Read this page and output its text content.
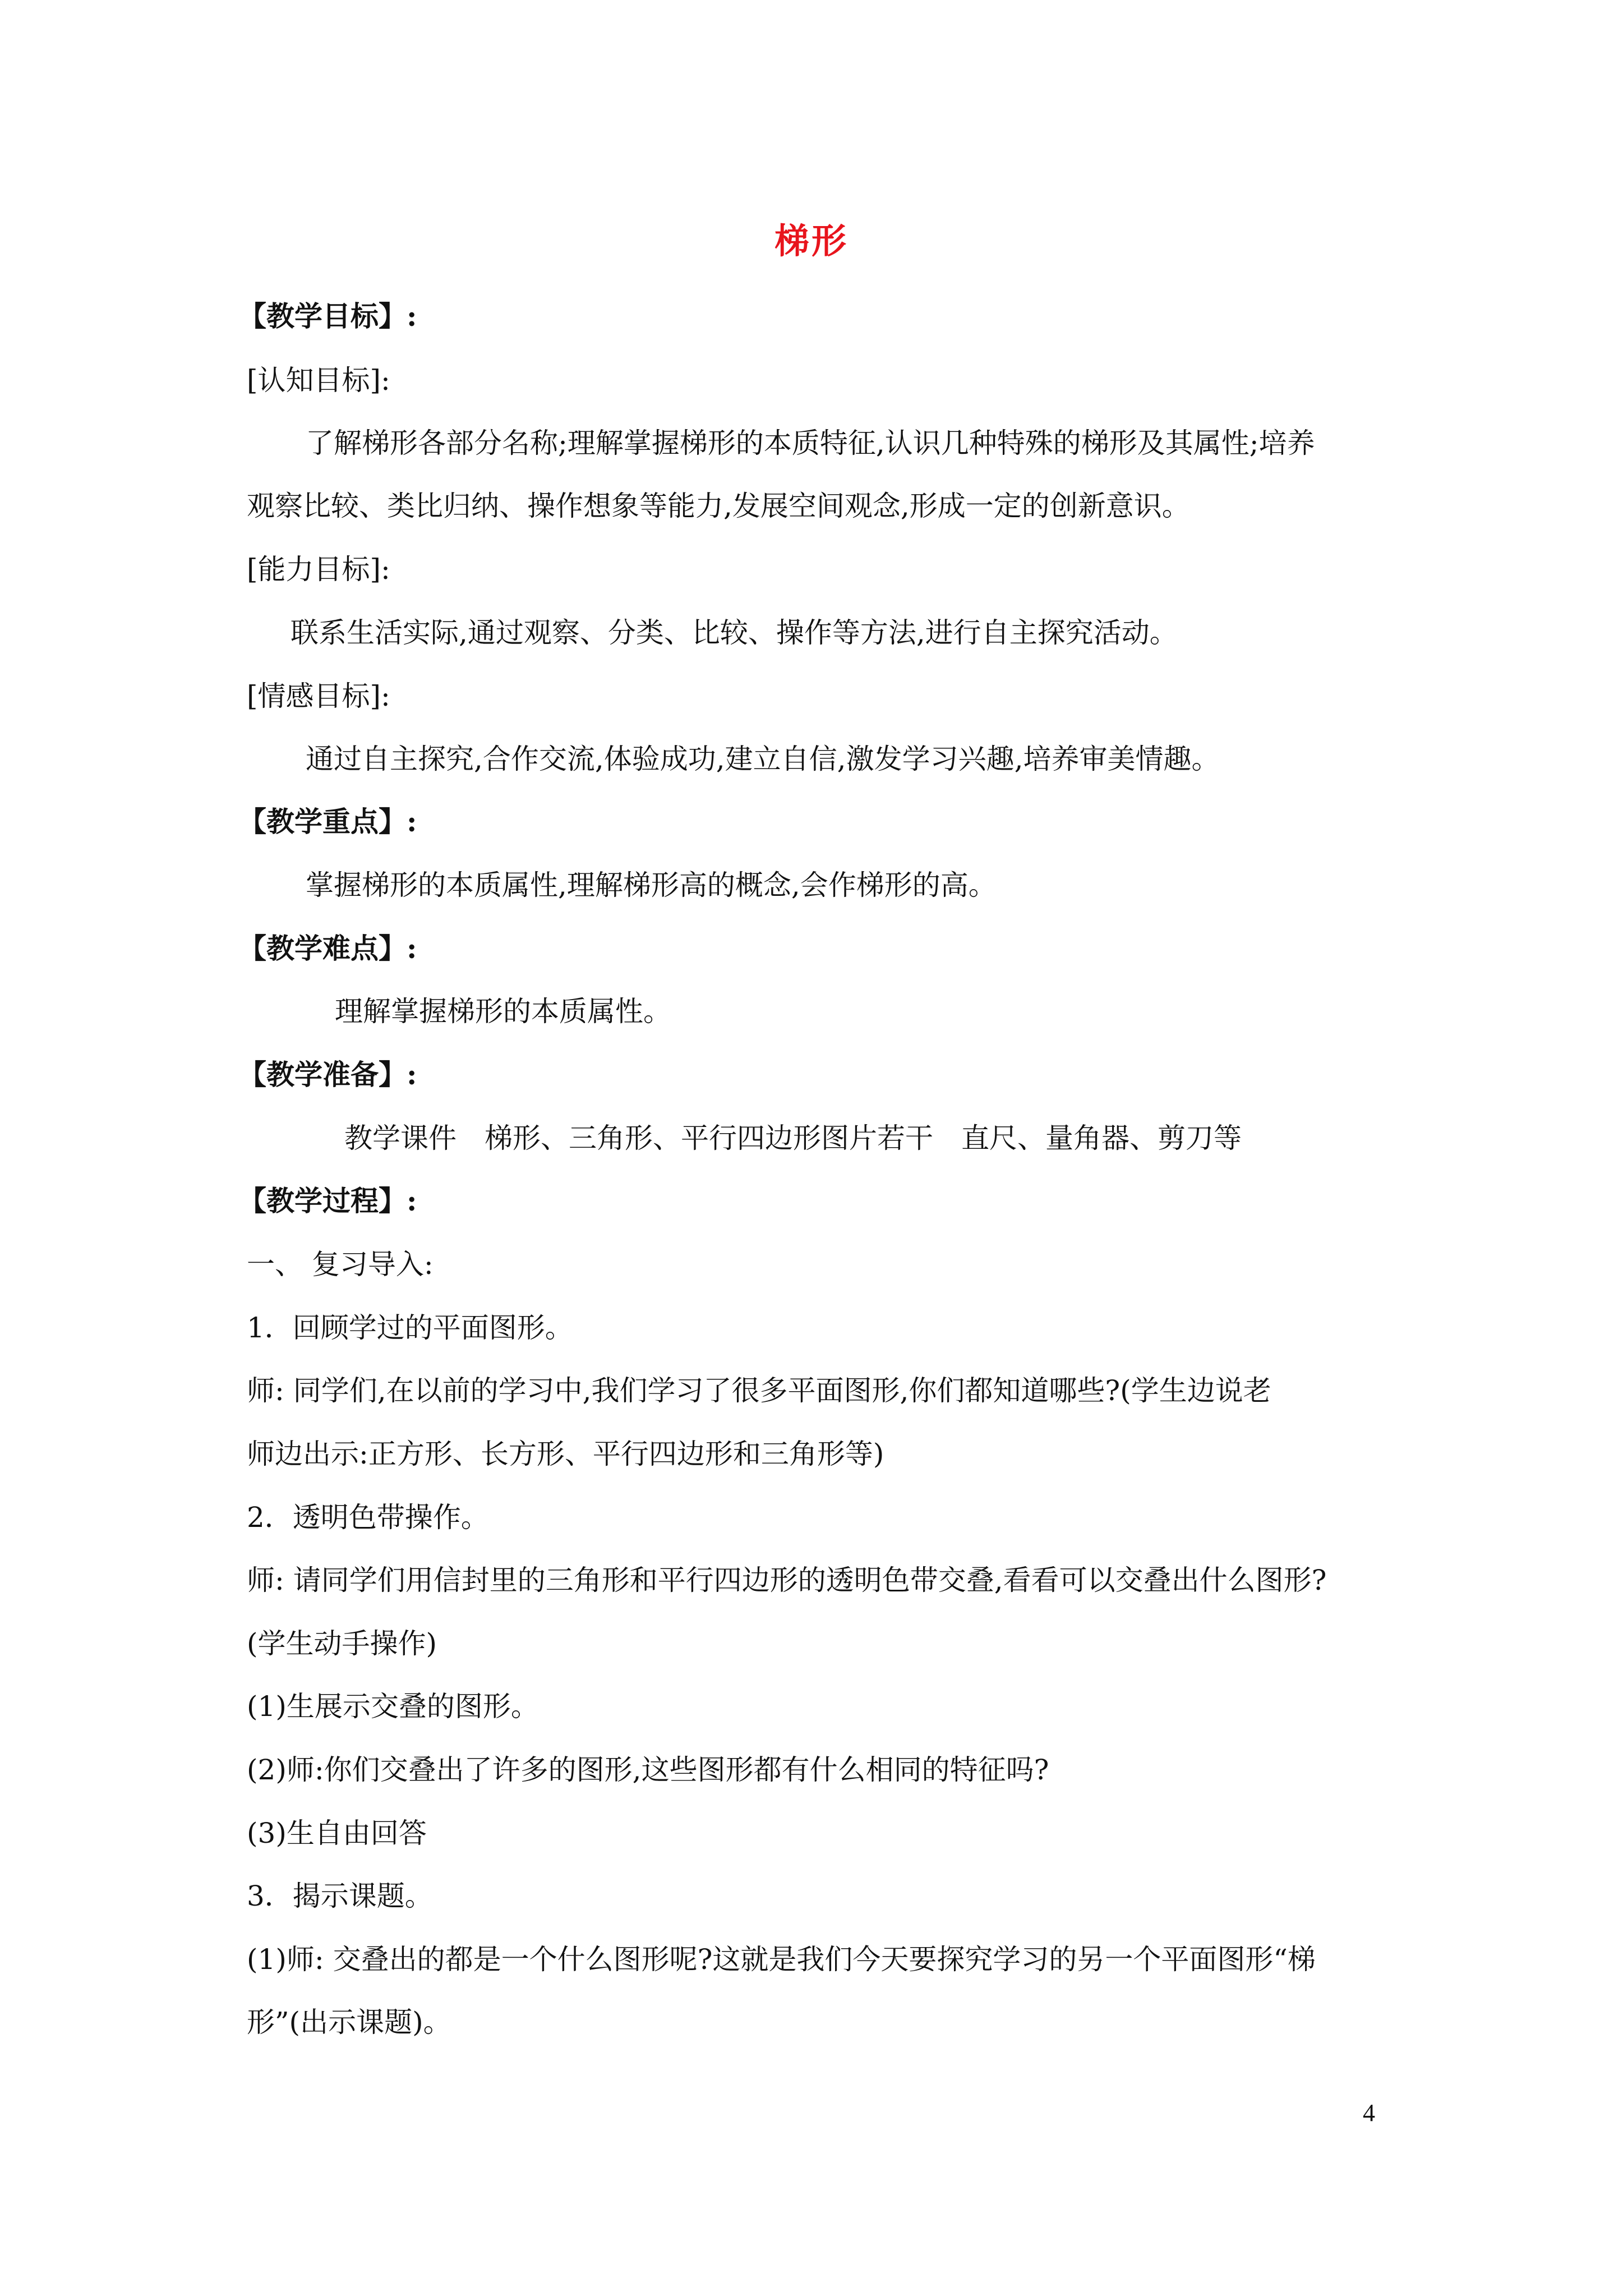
梯形
【教学目标】:
[认知目标]:
了解梯形各部分名称;理解掌握梯形的本质特征,认识几种特殊的梯形及其属性;培养
观察比较、类比归纳、操作想象等能力,发展空间观念,形成一定的创新意识。
[能力目标]:
联系生活实际,通过观察、分类、比较、操作等方法,进行自主探究活动。
[情感目标]:
通过自主探究,合作交流,体验成功,建立自信,激发学习兴趣,培养审美情趣。
【教学重点】:
掌握梯形的本质属性,理解梯形高的概念,会作梯形的高。
【教学难点】:
理解掌握梯形的本质属性。
【教学准备】:
教学课件　梯形、三角形、平行四边形图片若干　直尺、量角器、剪刀等
【教学过程】:
一、 复习导入:
1．回顾学过的平面图形。
师: 同学们,在以前的学习中,我们学习了很多平面图形,你们都知道哪些?(学生边说老
师边出示:正方形、长方形、平行四边形和三角形等)
2．透明色带操作。
师: 请同学们用信封里的三角形和平行四边形的透明色带交叠,看看可以交叠出什么图形?
(学生动手操作)
(1)生展示交叠的图形。
(2)师:你们交叠出了许多的图形,这些图形都有什么相同的特征吗?
(3)生自由回答
3．揭示课题。
(1)师: 交叠出的都是一个什么图形呢?这就是我们今天要探究学习的另一个平面图形“梯
形”(出示课题)。
4
